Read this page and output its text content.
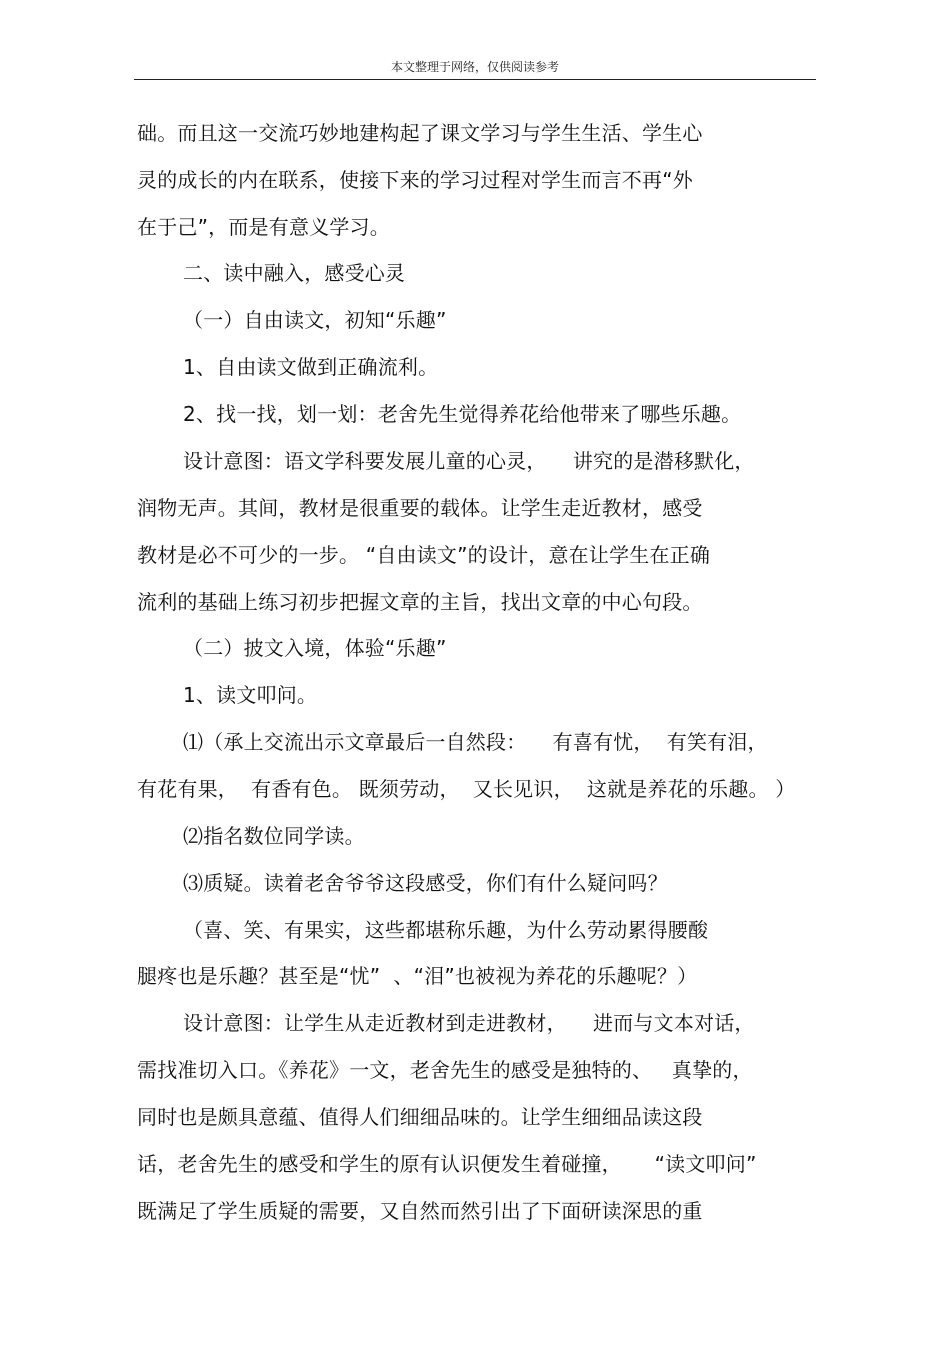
本文整理于网络，仅供阅读参考
础。而且这一交流巧妙地建构起了课文学习与学生生活、学生心
灵的成长的内在联系，使接下来的学习过程对学生而言不再“外
在于己”，而是有意义学习。
二、读中融入，感受心灵
（一）自由读文，初知“乐趣”
1、自由读文做到正确流利。
2、找一找，划一划：老舍先生觉得养花给他带来了哪些乐趣。
设计意图：语文学科要发展儿童的心灵，    讲究的是潜移默化，
润物无声。其间，教材是很重要的载体。让学生走近教材，感受
教材是必不可少的一步。 “自由读文”的设计，意在让学生在正确
流利的基础上练习初步把握文章的主旨，找出文章的中心句段。
（二）披文入境，体验“乐趣”
1、读文叩问。
⑴（承上交流出示文章最后一自然段：    有喜有忧，  有笑有泪，
有花有果，  有香有色。 既须劳动，  又长见识，  这就是养花的乐趣。 ）
⑵指名数位同学读。
⑶质疑。读着老舍爷爷这段感受，你们有什么疑问吗？
（喜、笑、有果实，这些都堪称乐趣，为什么劳动累得腰酸
腿疼也是乐趣？甚至是“忧”  、“泪”也被视为养花的乐趣呢？）
设计意图：让学生从走近教材到走进教材，    进而与文本对话，
需找准切入口。《养花》一文，老舍先生的感受是独特的、   真挚的，
同时也是颇具意蕴、值得人们细细品味的。让学生细细品读这段
话，老舍先生的感受和学生的原有认识便发生着碰撞，     “读文叩问”
既满足了学生质疑的需要，又自然而然引出了下面研读深思的重
